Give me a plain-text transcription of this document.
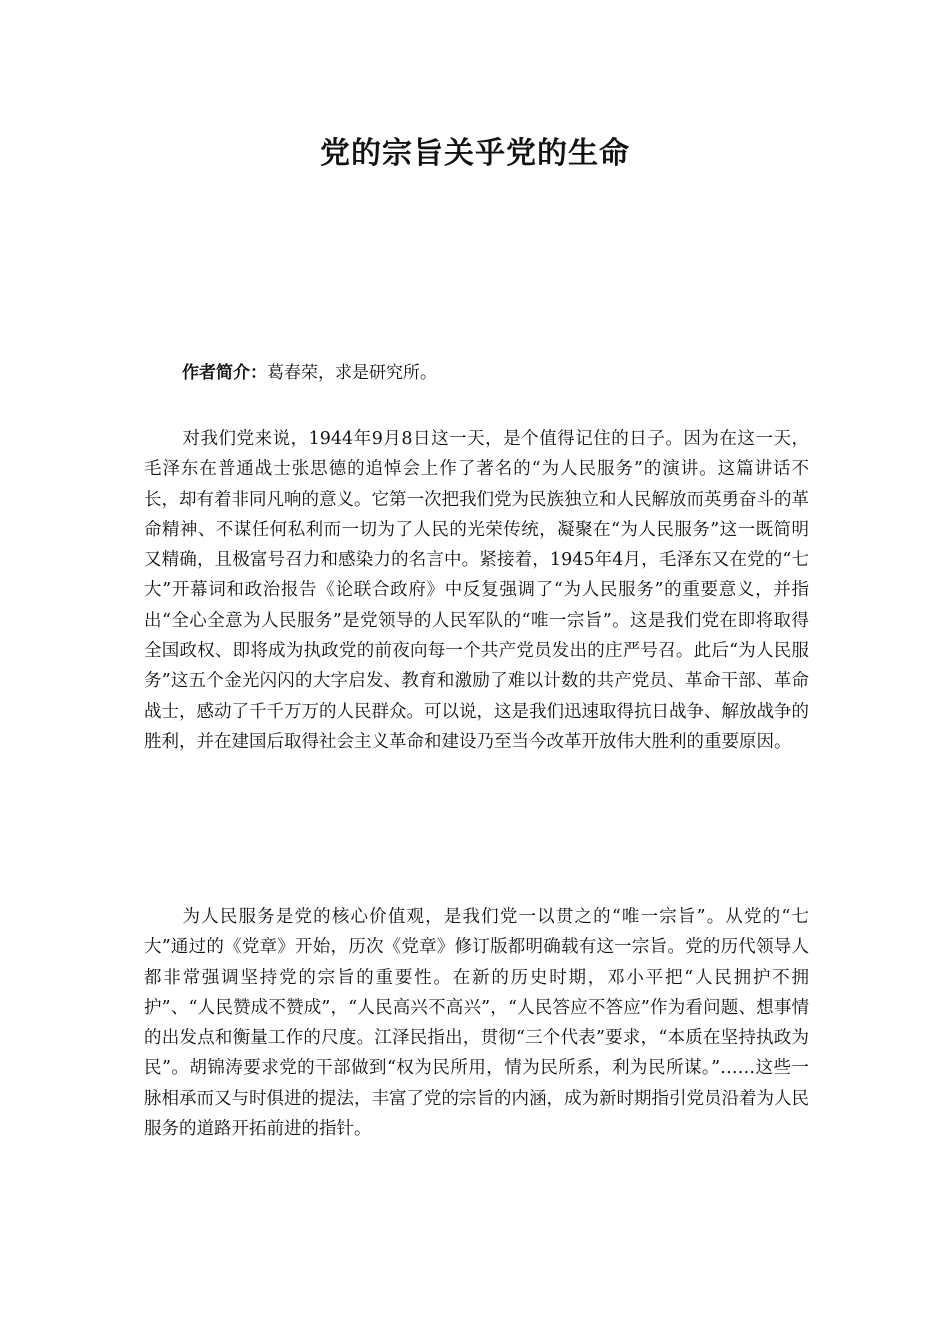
党的宗旨关乎党的生命

作者简介：葛春荣，求是研究所。

对我们党来说，1944年9月8日这一天，是个值得记住的日子。因为在这一天，毛泽东在普通战士张思德的追悼会上作了著名的“为人民服务”的演讲。这篇讲话不长，却有着非同凡响的意义。它第一次把我们党为民族独立和人民解放而英勇奋斗的革命精神、不谋任何私利而一切为了人民的光荣传统，凝聚在“为人民服务”这一既简明又精确，且极富号召力和感染力的名言中。紧接着，1945年4月，毛泽东又在党的“七大”开幕词和政治报告《论联合政府》中反复强调了“为人民服务”的重要意义，并指出“全心全意为人民服务”是党领导的人民军队的“唯一宗旨”。这是我们党在即将取得全国政权、即将成为执政党的前夜向每一个共产党员发出的庄严号召。此后“为人民服务”这五个金光闪闪的大字启发、教育和激励了难以计数的共产党员、革命干部、革命战士，感动了千千万万的人民群众。可以说，这是我们迅速取得抗日战争、解放战争的胜利，并在建国后取得社会主义革命和建设乃至当今改革开放伟大胜利的重要原因。

为人民服务是党的核心价值观，是我们党一以贯之的“唯一宗旨”。从党的“七大”通过的《党章》开始，历次《党章》修订版都明确载有这一宗旨。党的历代领导人都非常强调坚持党的宗旨的重要性。在新的历史时期，邓小平把“人民拥护不拥护”、“人民赞成不赞成”，“人民高兴不高兴”，“人民答应不答应”作为看问题、想事情的出发点和衡量工作的尺度。江泽民指出，贯彻“三个代表”要求，“本质在坚持执政为民”。胡锦涛要求党的干部做到“权为民所用，情为民所系，利为民所谋。”……这些一脉相承而又与时俱进的提法，丰富了党的宗旨的内涵，成为新时期指引党员沿着为人民服务的道路开拓前进的指针。
